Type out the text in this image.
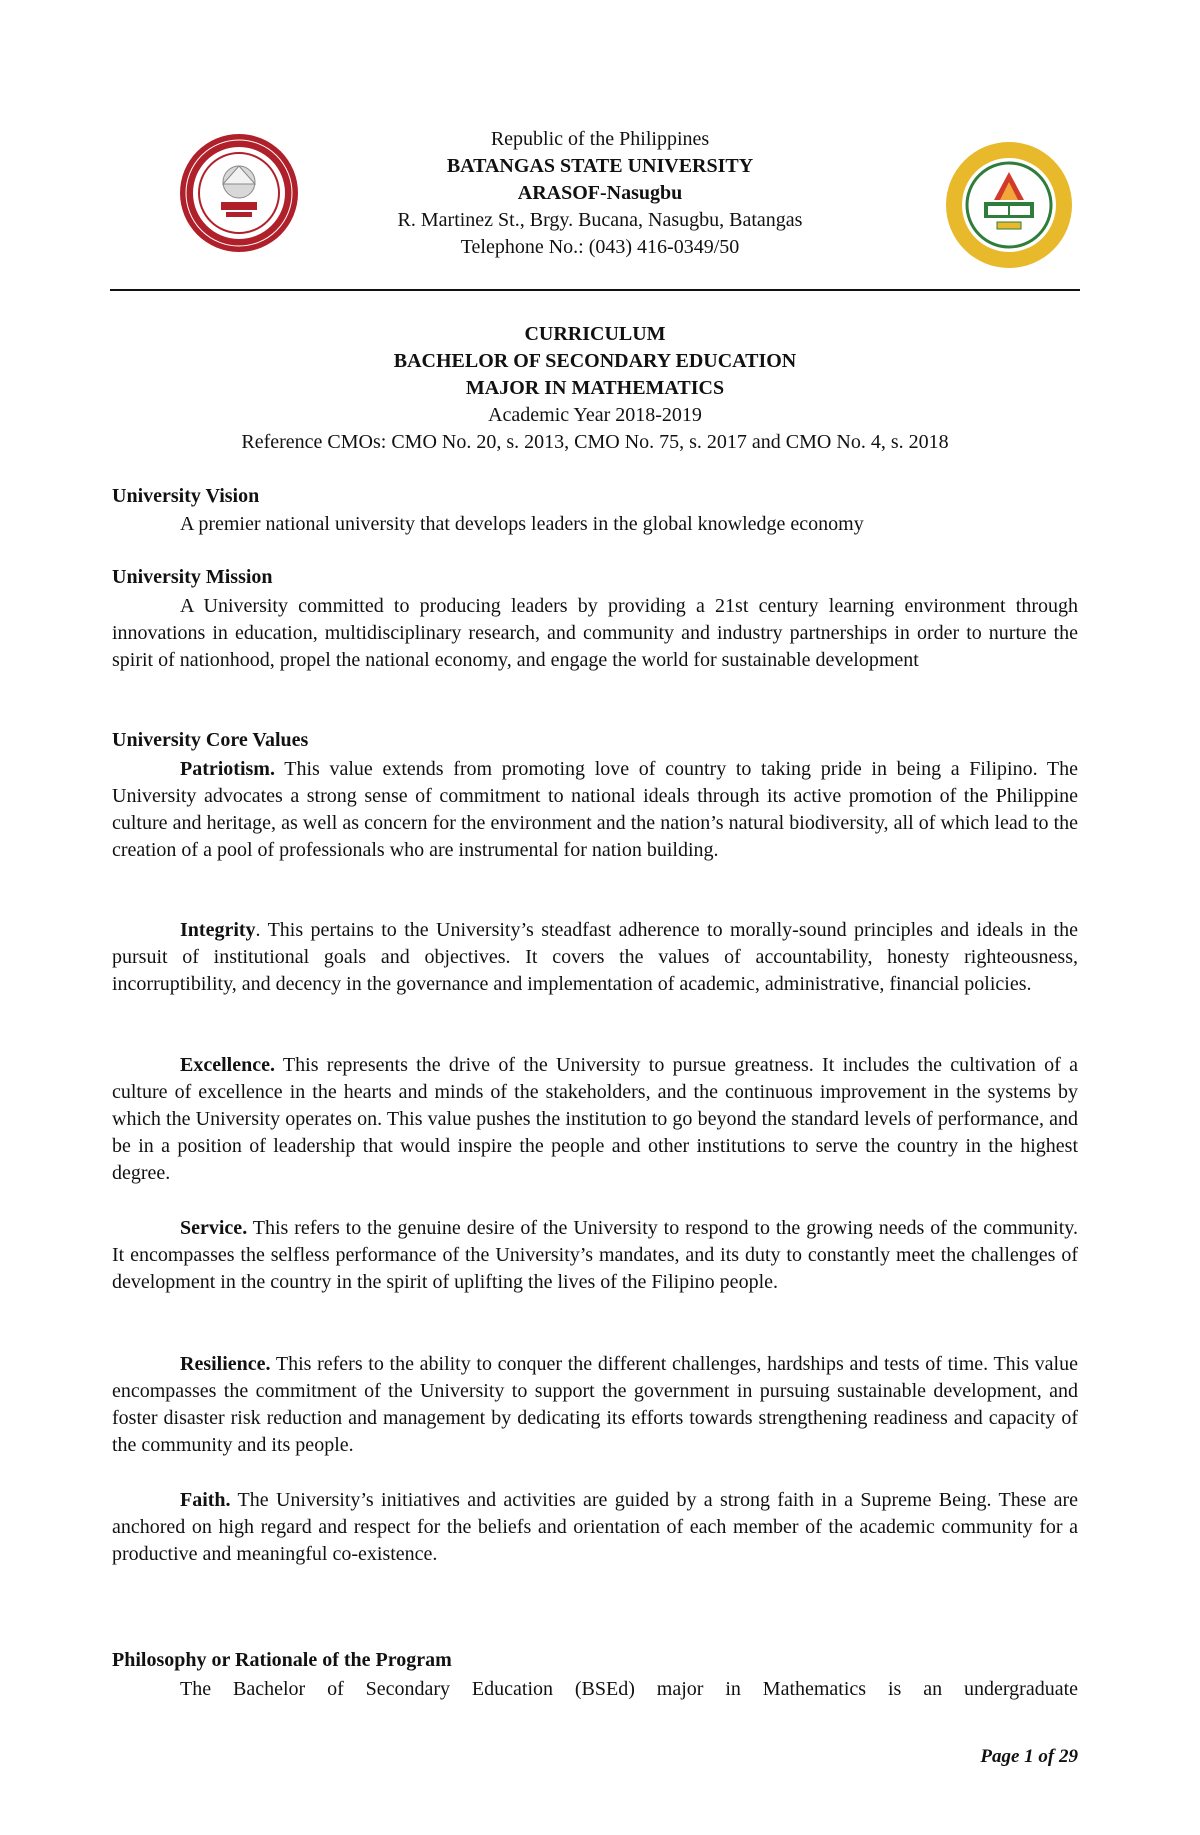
Republic of the Philippines
BATANGAS STATE UNIVERSITY
ARASOF-Nasugbu
R. Martinez St., Brgy. Bucana, Nasugbu, Batangas
Telephone No.: (043) 416-0349/50
CURRICULUM
BACHELOR OF SECONDARY EDUCATION
MAJOR IN MATHEMATICS
Academic Year 2018-2019
Reference CMOs: CMO No. 20, s. 2013, CMO No. 75, s. 2017 and CMO No. 4, s. 2018
University Vision
A premier national university that develops leaders in the global knowledge economy
University Mission
A University committed to producing leaders by providing a 21st century learning environment through innovations in education, multidisciplinary research, and community and industry partnerships in order to nurture the spirit of nationhood, propel the national economy, and engage the world for sustainable development
University Core Values
Patriotism. This value extends from promoting love of country to taking pride in being a Filipino. The University advocates a strong sense of commitment to national ideals through its active promotion of the Philippine culture and heritage, as well as concern for the environment and the nation’s natural biodiversity, all of which lead to the creation of a pool of professionals who are instrumental for nation building.
Integrity. This pertains to the University’s steadfast adherence to morally-sound principles and ideals in the pursuit of institutional goals and objectives. It covers the values of accountability, honesty righteousness, incorruptibility, and decency in the governance and implementation of academic, administrative, financial policies.
Excellence. This represents the drive of the University to pursue greatness. It includes the cultivation of a culture of excellence in the hearts and minds of the stakeholders, and the continuous improvement in the systems by which the University operates on. This value pushes the institution to go beyond the standard levels of performance, and be in a position of leadership that would inspire the people and other institutions to serve the country in the highest degree.
Service. This refers to the genuine desire of the University to respond to the growing needs of the community. It encompasses the selfless performance of the University’s mandates, and its duty to constantly meet the challenges of development in the country in the spirit of uplifting the lives of the Filipino people.
Resilience. This refers to the ability to conquer the different challenges, hardships and tests of time. This value encompasses the commitment of the University to support the government in pursuing sustainable development, and foster disaster risk reduction and management by dedicating its efforts towards strengthening readiness and capacity of the community and its people.
Faith. The University’s initiatives and activities are guided by a strong faith in a Supreme Being. These are anchored on high regard and respect for the beliefs and orientation of each member of the academic community for a productive and meaningful co-existence.
Philosophy or Rationale of the Program
The Bachelor of Secondary Education (BSEd) major in Mathematics is an undergraduate
Page 1 of 29
